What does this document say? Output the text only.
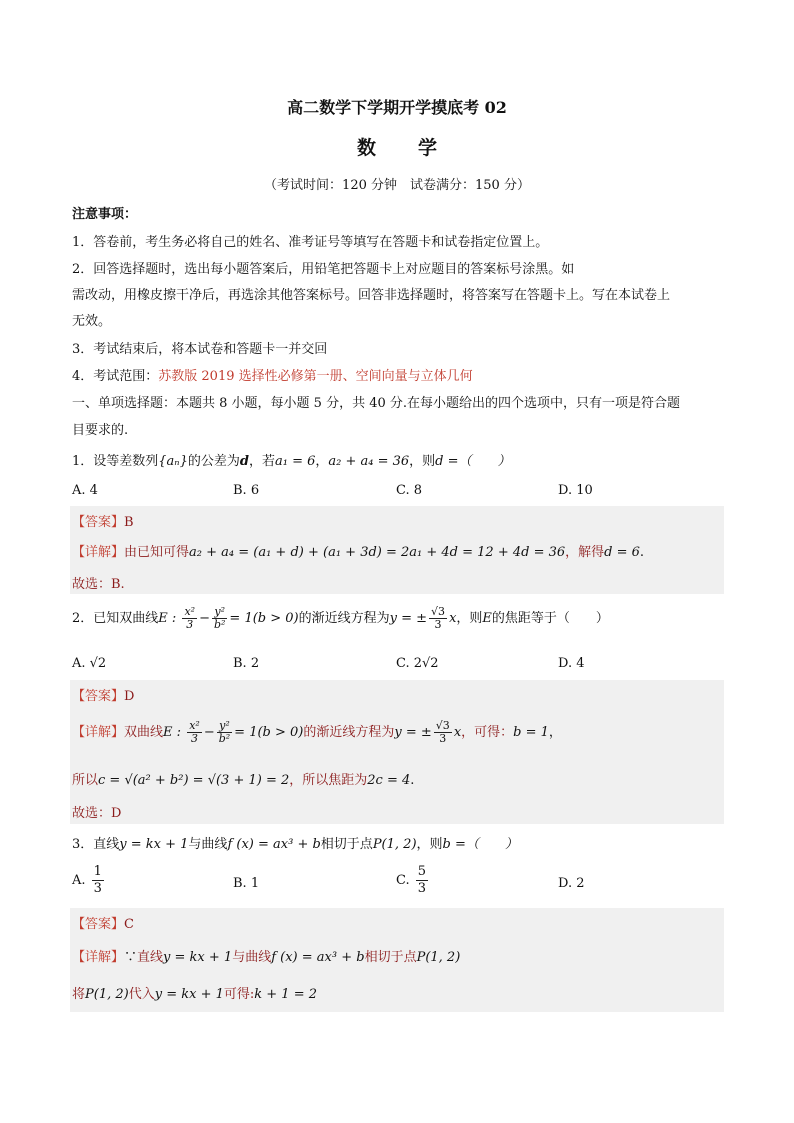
高二数学下学期开学摸底考 02
数学
（考试时间：120 分钟　试卷满分：150 分）
注意事项：
1．答卷前，考生务必将自己的姓名、准考证号等填写在答题卡和试卷指定位置上。
2．回答选择题时，选出每小题答案后，用铅笔把答题卡上对应题目的答案标号涂黑。如
需改动，用橡皮擦干净后，再选涂其他答案标号。回答非选择题时，将答案写在答题卡上。写在本试卷上
无效。
3．考试结束后，将本试卷和答题卡一并交回
4．考试范围：苏教版 2019 选择性必修第一册、空间向量与立体几何
一、单项选择题：本题共 8 小题，每小题 5 分，共 40 分.在每小题给出的四个选项中，只有一项是符合题
目要求的.
1．设等差数列{aₙ}的公差为d，若a₁ = 6，a₂ + a₄ = 36，则d =（　　）
A. 4	B. 6	C. 8	D. 10
【答案】B
【详解】由已知可得a₂ + a₄ = (a₁ + d) + (a₁ + 3d) = 2a₁ + 4d = 12 + 4d = 36，解得d = 6.
故选：B.
2．已知双曲线E : $\frac{\text{x²}}{3} - \frac{\text{y²}}{\text{b²}} = 1(b > 0)$的渐近线方程为y = ± $\frac{√3}{3}$ x，则E的焦距等于（　　）
A. √2	B. 2	C. 2√2	D. 4
【答案】D
【详解】双曲线E : $\frac{\text{x²}}{3} - \frac{\text{y²}}{\text{b²}} = 1(b > 0)$的渐近线方程为y = ± $\frac{√3}{3}$ x，可得：b = 1，
所以c = √(a² + b²) = √(3 + 1) = 2，所以焦距为2c = 4.
故选：D
3．直线y = kx + 1与曲线f (x) = ax³ + b相切于点P(1, 2)，则b =（　　）
A. $\frac{1}{3}$	B. 1	C. $\frac{5}{3}$	D. 2
【答案】C
【详解】∵直线y = kx + 1与曲线f (x) = ax³ + b相切于点P(1, 2)
将P(1, 2)代入y = kx + 1可得:k + 1 = 2
